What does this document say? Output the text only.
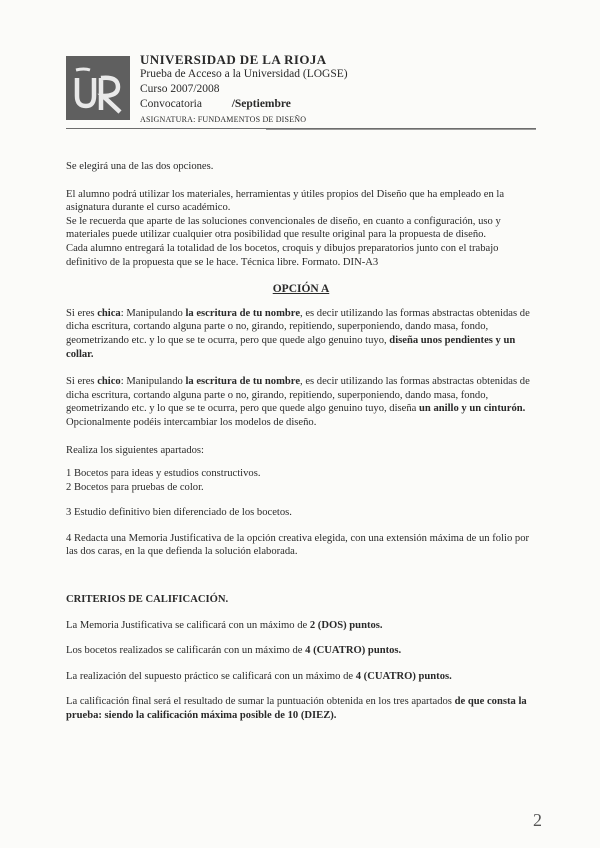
UNIVERSIDAD DE LA RIOJA
Prueba de Acceso a la Universidad (LOGSE)
Curso 2007/2008
Convocatoria	/Septiembre
ASIGNATURA: FUNDAMENTOS DE DISEÑO

Se elegirá una de las dos opciones.

El alumno podrá utilizar los materiales, herramientas y útiles propios del Diseño que ha empleado en la asignatura durante el curso académico.

Se le recuerda que aparte de las soluciones convencionales de diseño, en cuanto a configuración, uso y materiales puede utilizar cualquier otra posibilidad que resulte original para la propuesta de diseño.

Cada alumno entregará la totalidad de los bocetos, croquis y dibujos preparatorios junto con el trabajo definitivo de la propuesta que se le hace. Técnica libre. Formato. DIN-A3

OPCIÓN A

Si eres chica: Manipulando la escritura de tu nombre, es decir utilizando las formas abstractas obtenidas de dicha escritura, cortando alguna parte o no, girando, repitiendo, superponiendo, dando masa, fondo, geometrizando etc. y lo que se te ocurra, pero que quede algo genuino tuyo, diseña unos pendientes y un collar.

Si eres chico: Manipulando la escritura de tu nombre, es decir utilizando las formas abstractas obtenidas de dicha escritura, cortando alguna parte o no, girando, repitiendo, superponiendo, dando masa, fondo, geometrizando etc. y lo que se te ocurra, pero que quede algo genuino tuyo, diseña un anillo y un cinturón.

Opcionalmente podéis intercambiar los modelos de diseño.

Realiza los siguientes apartados:

1 Bocetos para ideas y estudios constructivos.

2 Bocetos para pruebas de color.

3 Estudio definitivo bien diferenciado de los bocetos.

4 Redacta una Memoria Justificativa de la opción creativa elegida, con una extensión máxima de un folio por las dos caras, en la que defienda la solución elaborada.

CRITERIOS DE CALIFICACIÓN.

La Memoria Justificativa se calificará con un máximo de 2 (DOS) puntos.

Los bocetos realizados se calificarán con un máximo de 4 (CUATRO) puntos.

La realización del supuesto práctico se calificará con un máximo de 4 (CUATRO) puntos.

La calificación final será el resultado de sumar la puntuación obtenida en los tres apartados de que consta la prueba: siendo la calificación máxima posible de 10 (DIEZ).

2
